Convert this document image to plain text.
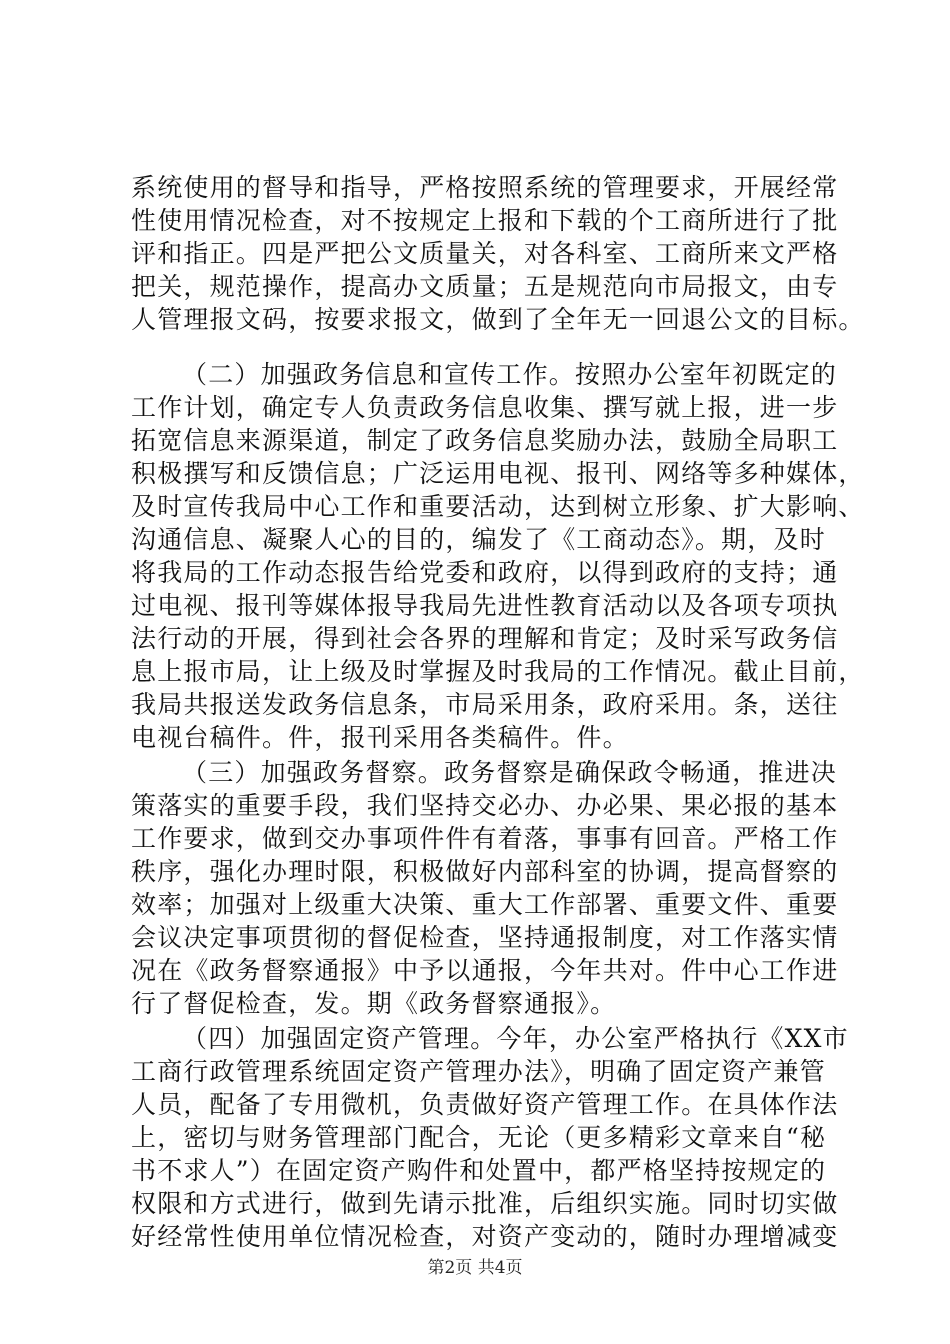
系统使用的督导和指导，严格按照系统的管理要求，开展经常
性使用情况检查，对不按规定上报和下载的个工商所进行了批
评和指正。四是严把公文质量关，对各科室、工商所来文严格
把关，规范操作，提高办文质量；五是规范向市局报文，由专
人管理报文码，按要求报文，做到了全年无一回退公文的目标。
（二）加强政务信息和宣传工作。按照办公室年初既定的
工作计划，确定专人负责政务信息收集、撰写就上报，进一步
拓宽信息来源渠道，制定了政务信息奖励办法，鼓励全局职工
积极撰写和反馈信息；广泛运用电视、报刊、网络等多种媒体，
及时宣传我局中心工作和重要活动，达到树立形象、扩大影响、
沟通信息、凝聚人心的目的，编发了《工商动态》。期，及时
将我局的工作动态报告给党委和政府，以得到政府的支持；通
过电视、报刊等媒体报导我局先进性教育活动以及各项专项执
法行动的开展，得到社会各界的理解和肯定；及时采写政务信
息上报市局，让上级及时掌握及时我局的工作情况。截止目前，
我局共报送发政务信息条，市局采用条，政府采用。条，送往
电视台稿件。件，报刊采用各类稿件。件。
（三）加强政务督察。政务督察是确保政令畅通，推进决
策落实的重要手段，我们坚持交必办、办必果、果必报的基本
工作要求，做到交办事项件件有着落，事事有回音。严格工作
秩序，强化办理时限，积极做好内部科室的协调，提高督察的
效率；加强对上级重大决策、重大工作部署、重要文件、重要
会议决定事项贯彻的督促检查，坚持通报制度，对工作落实情
况在《政务督察通报》中予以通报，今年共对。件中心工作进
行了督促检查，发。期《政务督察通报》。
（四）加强固定资产管理。今年，办公室严格执行《XX市
工商行政管理系统固定资产管理办法》，明确了固定资产兼管
人员，配备了专用微机，负责做好资产管理工作。在具体作法
上，密切与财务管理部门配合，无论（更多精彩文章来自“秘
书不求人”）在固定资产购件和处置中，都严格坚持按规定的
权限和方式进行，做到先请示批准，后组织实施。同时切实做
好经常性使用单位情况检查，对资产变动的，随时办理增减变
第2页 共4页
